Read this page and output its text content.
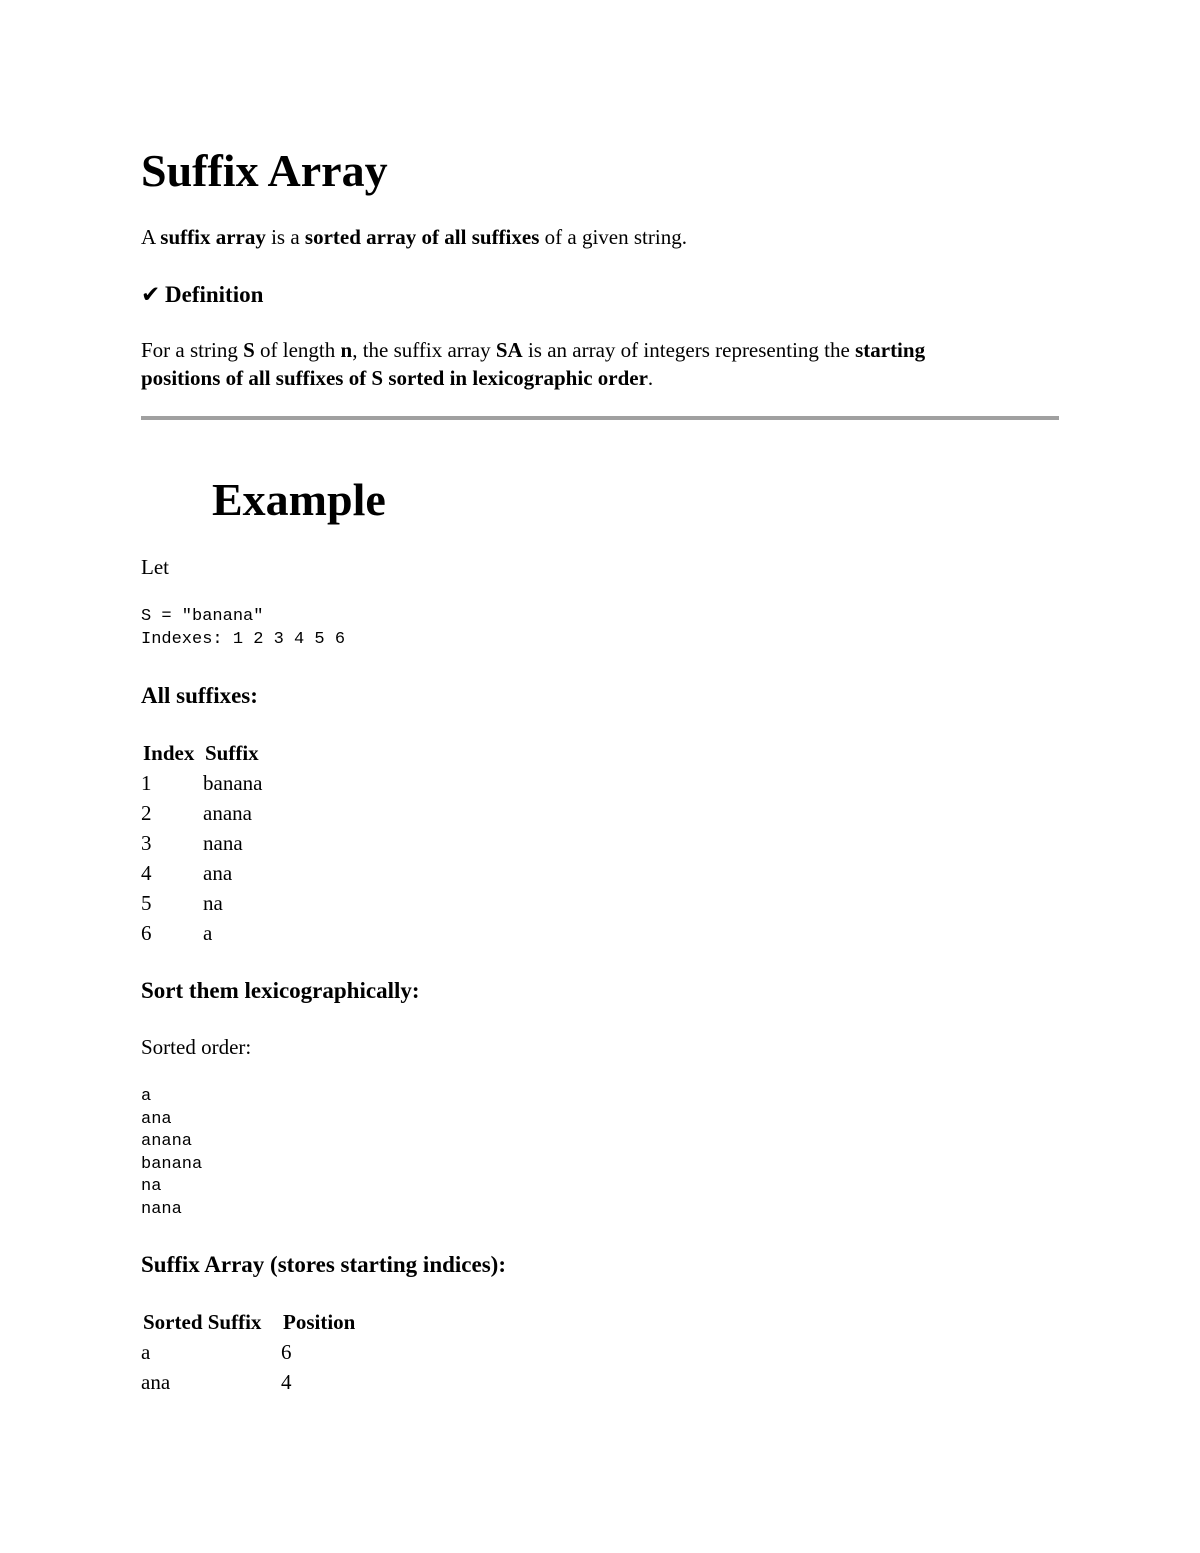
Suffix Array

A suffix array is a sorted array of all suffixes of a given string.

✔ Definition

For a string S of length n, the suffix array SA is an array of integers representing the starting

positions of all suffixes of S sorted in lexicographic order.

Example

Let

S = "banana"
Indexes: 1 2 3 4 5 6
All suffixes:
Index	Suffix
1	banana
2	anana
3	nana
4	ana
5	na
6	a
Sort them lexicographically:

Sorted order:

a
ana
anana
banana
na
nana
Suffix Array (stores starting indices):
Sorted Suffix	Position
a	6
ana	4
